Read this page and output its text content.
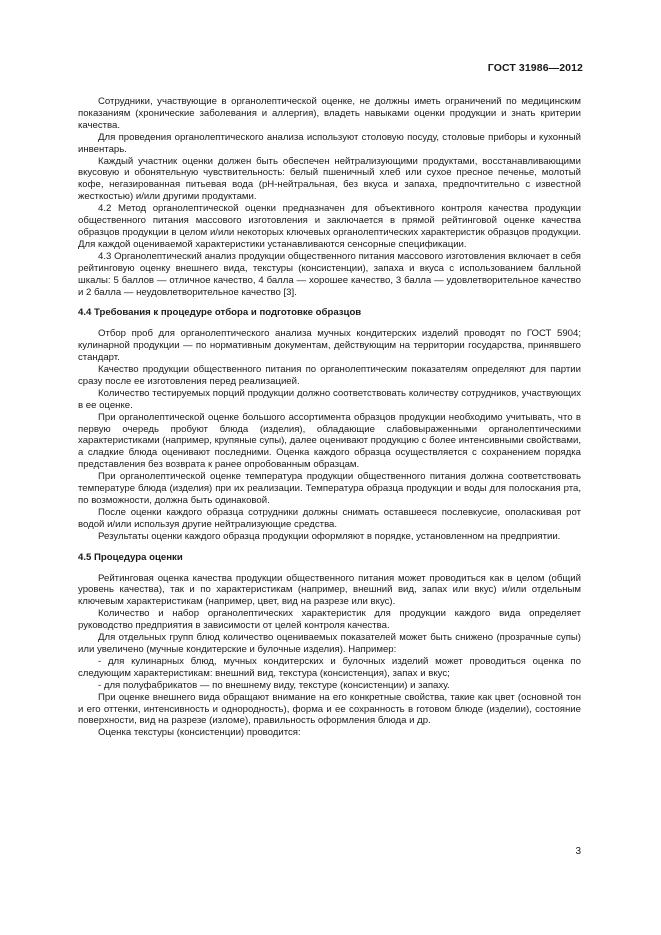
ГОСТ 31986—2012

Сотрудники, участвующие в органолептической оценке, не должны иметь ограничений по медицинским показаниям (хронические заболевания и аллергия), владеть навыками оценки продукции и знать критерии качества.

Для проведения органолептического анализа используют столовую посуду, столовые приборы и кухонный инвентарь.

Каждый участник оценки должен быть обеспечен нейтрализующими продуктами, восстанавливающими вкусовую и обонятельную чувствительность: белый пшеничный хлеб или сухое пресное печенье, молотый кофе, негазированная питьевая вода (рН-нейтральная, без вкуса и запаха, предпочтительно с известной жесткостью) и/или другими продуктами.

4.2 Метод органолептической оценки предназначен для объективного контроля качества продукции общественного питания массового изготовления и заключается в прямой рейтинговой оценке качества образцов продукции в целом и/или некоторых ключевых органолептических характеристик образцов продукции. Для каждой оцениваемой характеристики устанавливаются сенсорные спецификации.

4.3 Органолептический анализ продукции общественного питания массового изготовления включает в себя рейтинговую оценку внешнего вида, текстуры (консистенции), запаха и вкуса с использованием балльной шкалы: 5 баллов — отличное качество, 4 балла — хорошее качество, 3 балла — удовлетворительное качество и 2 балла — неудовлетворительное качество [3].

4.4 Требования к процедуре отбора и подготовке образцов

Отбор проб для органолептического анализа мучных кондитерских изделий проводят по ГОСТ 5904; кулинарной продукции — по нормативным документам, действующим на территории государства, принявшего стандарт.

Качество продукции общественного питания по органолептическим показателям определяют для партии сразу после ее изготовления перед реализацией.

Количество тестируемых порций продукции должно соответствовать количеству сотрудников, участвующих в ее оценке.

При органолептической оценке большого ассортимента образцов продукции необходимо учитывать, что в первую очередь пробуют блюда (изделия), обладающие слабовыраженными органолептическими характеристиками (например, крупяные супы), далее оценивают продукцию с более интенсивными свойствами, а сладкие блюда оценивают последними. Оценка каждого образца осуществляется с сохранением порядка представления без возврата к ранее опробованным образцам.

При органолептической оценке температура продукции общественного питания должна соответствовать температуре блюда (изделия) при их реализации. Температура образца продукции и воды для полоскания рта, по возможности, должна быть одинаковой.

После оценки каждого образца сотрудники должны снимать оставшееся послевкусие, ополаскивая рот водой и/или используя другие нейтрализующие средства.

Результаты оценки каждого образца продукции оформляют в порядке, установленном на предприятии.

4.5 Процедура оценки

Рейтинговая оценка качества продукции общественного питания может проводиться как в целом (общий уровень качества), так и по характеристикам (например, внешний вид, запах или вкус) и/или отдельным ключевым характеристикам (например, цвет, вид на разрезе или вкус).

Количество и набор органолептических характеристик для продукции каждого вида определяет руководство предприятия в зависимости от целей контроля качества.

Для отдельных групп блюд количество оцениваемых показателей может быть снижено (прозрачные супы) или увеличено (мучные кондитерские и булочные изделия). Например:

- для кулинарных блюд, мучных кондитерских и булочных изделий может проводиться оценка по следующим характеристикам: внешний вид, текстура (консистенция), запах и вкус;

- для полуфабрикатов — по внешнему виду, текстуре (консистенции) и запаху.

При оценке внешнего вида обращают внимание на его конкретные свойства, такие как цвет (основной тон и его оттенки, интенсивность и однородность), форма и ее сохранность в готовом блюде (изделии), состояние поверхности, вид на разрезе (изломе), правильность оформления блюда и др.

Оценка текстуры (консистенции) проводится:

3
